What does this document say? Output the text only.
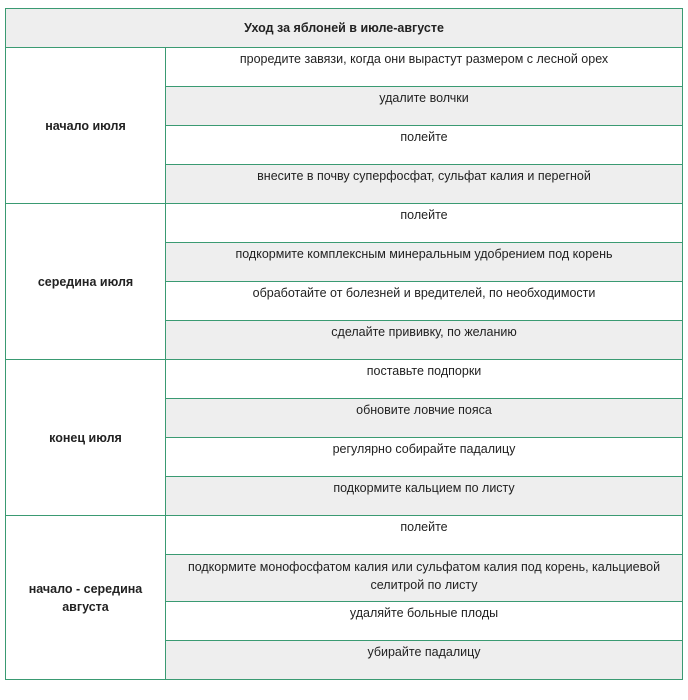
Уход за яблоней в июле-августе	
начало июля	проредите завязи, когда они вырастут размером с лесной орех

	удалите волчки

	полейте

	внесите в почву суперфосфат, сульфат калия и перегной

середина июля	полейте

	подкормите комплексным минеральным удобрением под корень

	обработайте от болезней и вредителей, по необходимости

	сделайте прививку, по желанию

конец июля	поставьте подпорки

	обновите ловчие пояса

	регулярно собирайте падалицу

	подкормите кальцием по листу

начало - середина августа	полейте

	подкормите монофосфатом калия или сульфатом калия под корень, кальциевой селитрой по листу

	удаляйте больные плоды

	убирайте падалицу
